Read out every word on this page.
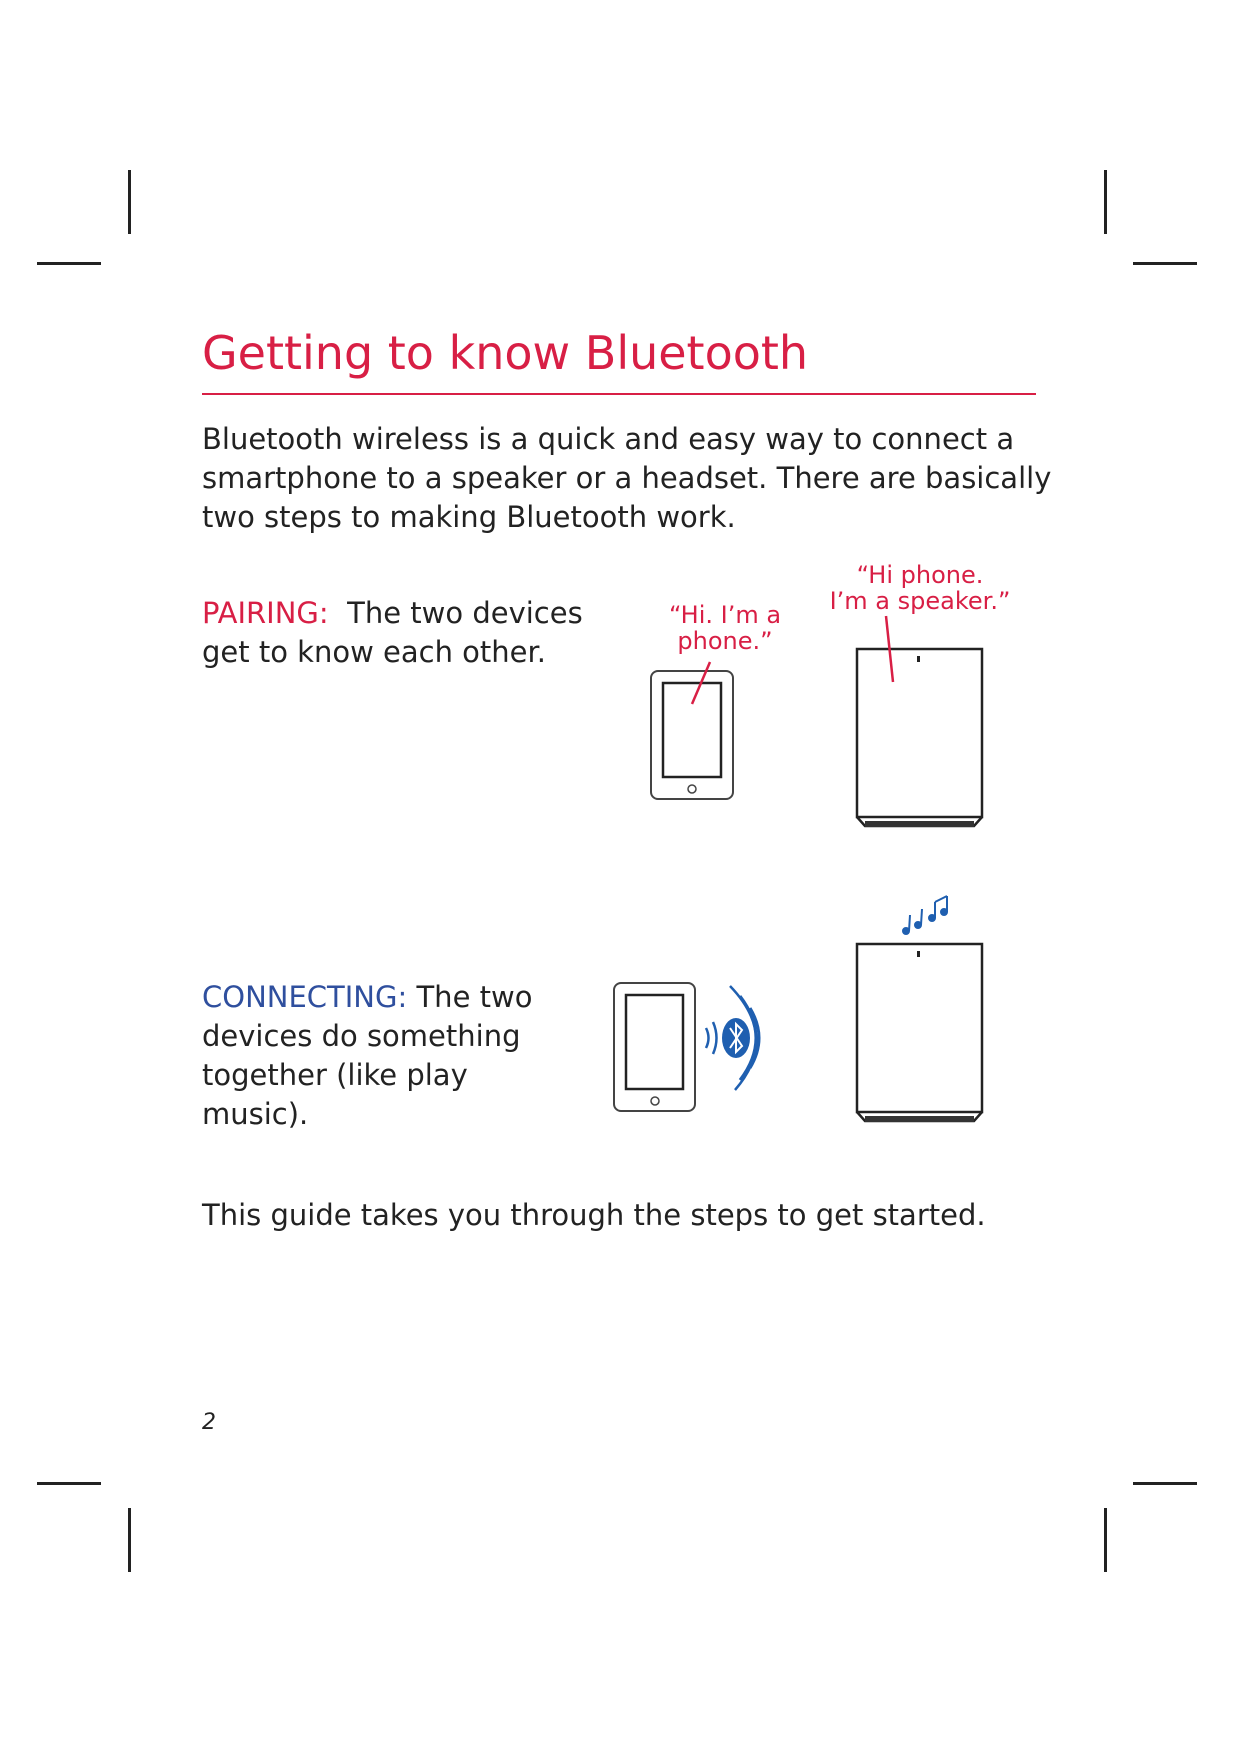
Getting to know Bluetooth

Bluetooth wireless is a quick and easy way to connect a smartphone to a speaker or a headset. There are basically two steps to making Bluetooth work.

PAIRING: The two devices get to know each other.

CONNECTING: The two devices do something together (like play music).

This guide takes you through the steps to get started.

2
“Hi. I’m a
phone.”
“Hi phone.
I’m a speaker.”
